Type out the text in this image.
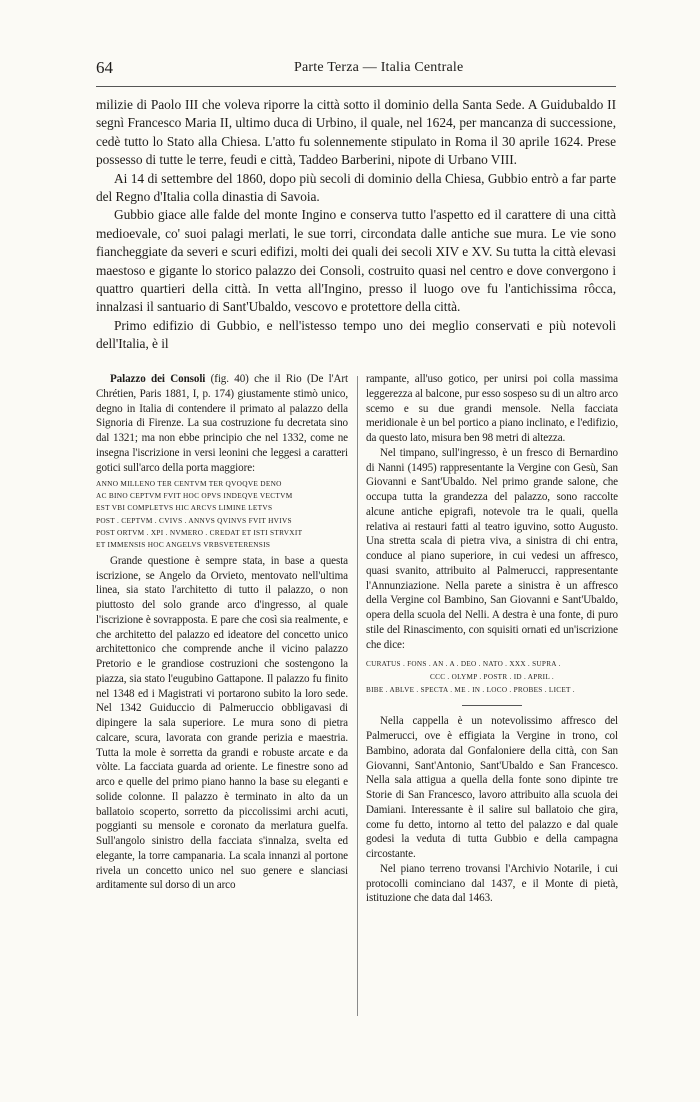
64	Parte Terza — Italia Centrale

milizie di Paolo III che voleva riporre la città sotto il dominio della Santa Sede. A Guidubaldo II segnì Francesco Maria II, ultimo duca di Urbino, il quale, nel 1624, per mancanza di successione, cedè tutto lo Stato alla Chiesa. L'atto fu solennemente stipulato in Roma il 30 aprile 1624. Prese possesso di tutte le terre, feudi e città, Taddeo Barberini, nipote di Urbano VIII.

Ai 14 di settembre del 1860, dopo più secoli di dominio della Chiesa, Gubbio entrò a far parte del Regno d'Italia colla dinastia di Savoia.

Gubbio giace alle falde del monte Ingino e conserva tutto l'aspetto ed il carattere di una città medioevale, co' suoi palagi merlati, le sue torri, circondata dalle antiche sue mura. Le vie sono fiancheggiate da severi e scuri edifizi, molti dei quali dei secoli XIV e XV. Su tutta la città elevasi maestoso e gigante lo storico palazzo dei Consoli, costruito quasi nel centro e dove convergono i quattro quartieri della città. In vetta all'Ingino, presso il luogo ove fu l'antichissima rôcca, innalzasi il santuario di Sant'Ubaldo, vescovo e protettore della città.

Primo edifizio di Gubbio, e nell'istesso tempo uno dei meglio conservati e più notevoli dell'Italia, è il

Palazzo dei Consoli (fig. 40) che il Rio (De l'Art Chrétien, Paris 1881, I, p. 174) giustamente stimò unico, degno in Italia di contendere il primato al palazzo della Signoria di Firenze. La sua costruzione fu decretata sino dal 1321; ma non ebbe principio che nel 1332, come ne insegna l'iscrizione in versi leonini che leggesi a caratteri gotici sull'arco della porta maggiore:

ANNO MILLENO TER CENTVM TER QVOQVE DENO
AC BINO CEPTVM FVIT HOC OPVS INDEQVE VECTVM
EST VBI COMPLETVS HIC ARCVS LIMINE LETVS
POST . CEPTVM . CVIVS . ANNVS QVINVS FVIT HVIVS
POST ORTVM . XPI . NVMERO . CREDAT ET ISTI STRVXIT
ET IMMENSIS HOC ANGELVS VRBSVETERENSIS

Grande questione è sempre stata, in base a questa iscrizione, se Angelo da Orvieto, mentovato nell'ultima linea, sia stato l'architetto di tutto il palazzo, o non piuttosto del solo grande arco d'ingresso, al quale l'iscrizione è sovrapposta. E pare che così sia realmente, e che architetto del palazzo ed ideatore del concetto unico architettonico che comprende anche il vicino palazzo Pretorio e le grandiose costruzioni che sostengono la piazza, sia stato l'eugubino Gattapone. Il palazzo fu finito nel 1348 ed i Magistrati vi portarono subito la loro sede. Nel 1342 Guiduccio di Palmeruccio obbligavasi di dipingere la sala superiore. Le mura sono di pietra calcare, scura, lavorata con grande perizia e maestria. Tutta la mole è sorretta da grandi e robuste arcate e da vòlte. La facciata guarda ad oriente. Le finestre sono ad arco e quelle del primo piano hanno la base su eleganti e solide colonne. Il palazzo è terminato in alto da un ballatoio scoperto, sorretto da piccolissimi archi acuti, poggianti su mensole e coronato da merlatura guelfa. Sull'angolo sinistro della facciata s'innalza, svelta ed elegante, la torre campanaria. La scala innanzi al portone rivela un concetto unico nel suo genere e slanciasi arditamente sul dorso di un arco

rampante, all'uso gotico, per unirsi poi colla massima leggerezza al balcone, pur esso sospeso su di un altro arco scemo e su due grandi mensole. Nella facciata meridionale è un bel portico a piano inclinato, e l'edifizio, da questo lato, misura ben 98 metri di altezza.

Nel timpano, sull'ingresso, è un fresco di Bernardino di Nanni (1495) rappresentante la Vergine con Gesù, San Giovanni e Sant'Ubaldo. Nel primo grande salone, che occupa tutta la grandezza del palazzo, sono raccolte alcune antiche epigrafi, notevole tra le quali, quella relativa ai restauri fatti al teatro iguvino, sotto Augusto. Una stretta scala di pietra viva, a sinistra di chi entra, conduce al piano superiore, in cui vedesi un affresco, quasi svanito, attribuito al Palmerucci, rappresentante l'Annunziazione. Nella parete a sinistra è un affresco della Vergine col Bambino, San Giovanni e Sant'Ubaldo, opera della scuola del Nelli. A destra è una fonte, di puro stile del Rinascimento, con squisiti ornati ed un'iscrizione che dice:

CURATUS . FONS . AN . A . DEO . NATO . XXX . SUPRA .
CCC . OLYMP . POSTR . ID . APRIL .
BIBE . ABLVE . SPECTA . ME . IN . LOCO . PROBES . LICET .

Nella cappella è un notevolissimo affresco del Palmerucci, ove è effigiata la Vergine in trono, col Bambino, adorata dal Gonfaloniere della città, con San Giovanni, Sant'Antonio, Sant'Ubaldo e San Francesco. Nella sala attigua a quella della fonte sono dipinte tre Storie di San Francesco, lavoro attribuito alla scuola dei Damiani. Interessante è il salire sul ballatoio che gira, come fu detto, intorno al tetto del palazzo e dal quale godesi la veduta di tutta Gubbio e della campagna circostante.

Nel piano terreno trovansi l'Archivio Notarile, i cui protocolli cominciano dal 1437, e il Monte di pietà, istituzione che data dal 1463.
